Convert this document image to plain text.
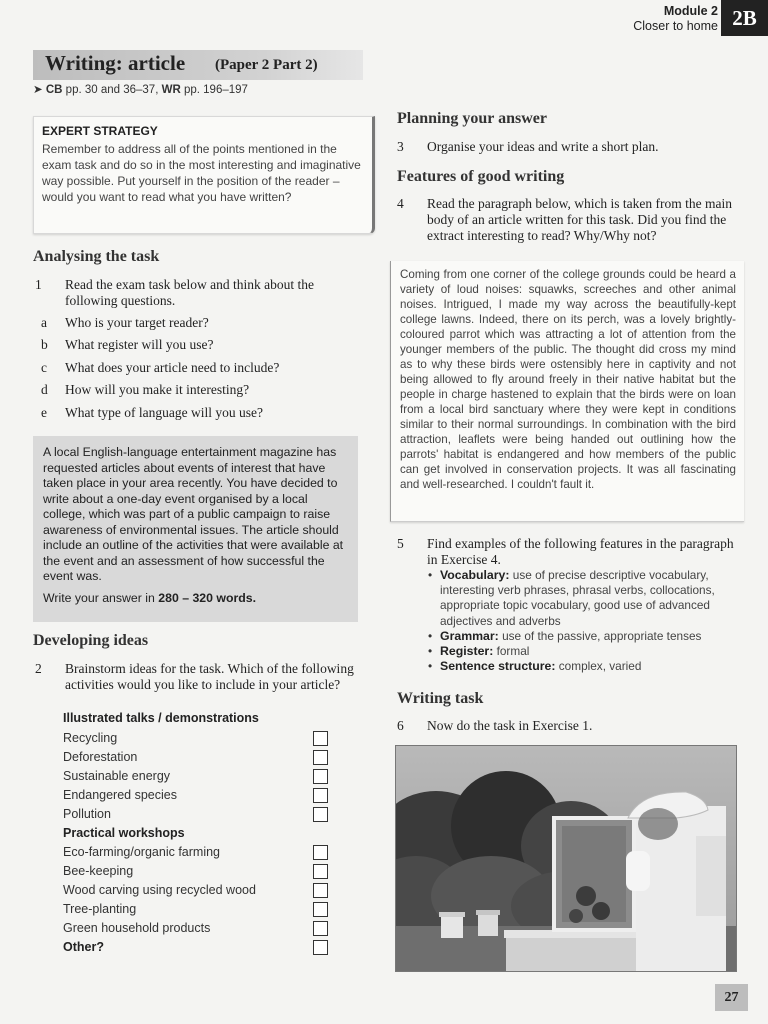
Module 2
Closer to home 2B
Writing: article (Paper 2 Part 2)
➤ CB pp. 30 and 36–37, WR pp. 196–197
EXPERT STRATEGY
Remember to address all of the points mentioned in the exam task and do so in the most interesting and imaginative way possible. Put yourself in the position of the reader – would you want to read what you have written?
Analysing the task
1 Read the exam task below and think about the following questions.
a Who is your target reader?
b What register will you use?
c What does your article need to include?
d How will you make it interesting?
e What type of language will you use?
A local English-language entertainment magazine has requested articles about events of interest that have taken place in your area recently. You have decided to write about a one-day event organised by a local college, which was part of a public campaign to raise awareness of environmental issues. The article should include an outline of the activities that were available at the event and an assessment of how successful the event was.
Write your answer in 280 – 320 words.
Developing ideas
2 Brainstorm ideas for the task. Which of the following activities would you like to include in your article?
Illustrated talks / demonstrations
Recycling
Deforestation
Sustainable energy
Endangered species
Pollution
Practical workshops
Eco-farming/organic farming
Bee-keeping
Wood carving using recycled wood
Tree-planting
Green household products
Other?
Planning your answer
3 Organise your ideas and write a short plan.
Features of good writing
4 Read the paragraph below, which is taken from the main body of an article written for this task. Did you find the extract interesting to read? Why/Why not?
Coming from one corner of the college grounds could be heard a variety of loud noises: squawks, screeches and other animal noises. Intrigued, I made my way across the beautifully-kept college lawns. Indeed, there on its perch, was a lovely brightly-coloured parrot which was attracting a lot of attention from the younger members of the public. The thought did cross my mind as to why these birds were ostensibly here in captivity and not being allowed to fly around freely in their native habitat but the people in charge hastened to explain that the birds were on loan from a local bird sanctuary where they were kept in conditions similar to their normal surroundings. In combination with the bird attraction, leaflets were being handed out outlining how the parrots' habitat is endangered and how members of the public can get involved in conservation projects. It was all fascinating and well-researched. I couldn't fault it.
5 Find examples of the following features in the paragraph in Exercise 4.
• Vocabulary: use of precise descriptive vocabulary, interesting verb phrases, phrasal verbs, collocations, appropriate topic vocabulary, good use of advanced adjectives and adverbs
• Grammar: use of the passive, appropriate tenses
• Register: formal
• Sentence structure: complex, varied
Writing task
6 Now do the task in Exercise 1.
27
